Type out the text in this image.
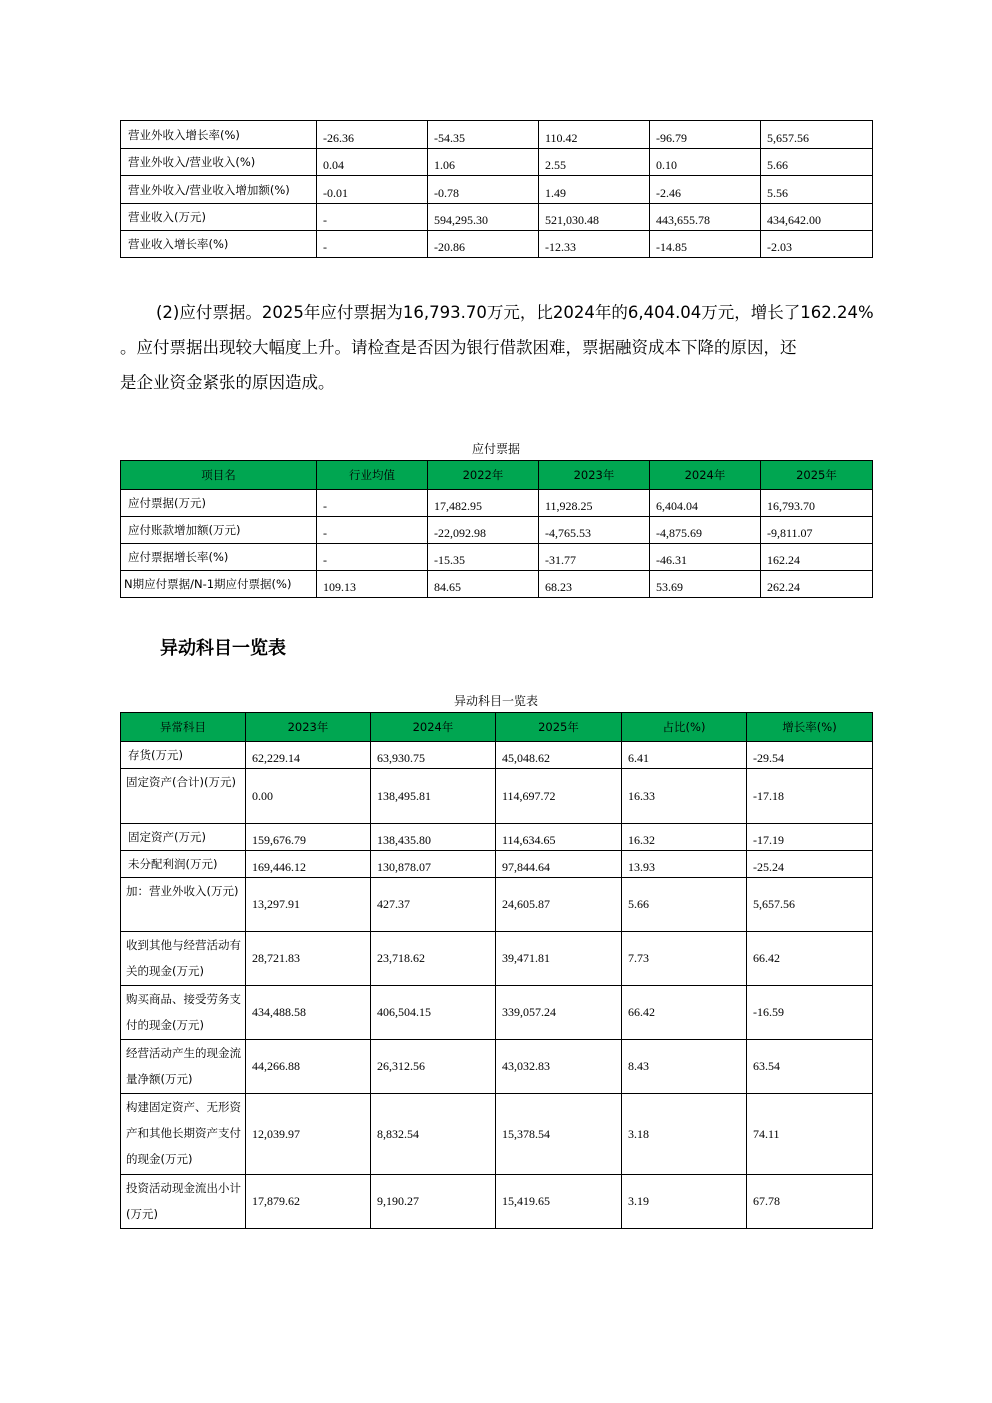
营业外收入增长率(%)	-26.36	-54.35	110.42	-96.79	5,657.56
营业外收入/营业收入(%)	0.04	1.06	2.55	0.10	5.66
营业外收入/营业收入增加额(%)	-0.01	-0.78	1.49	-2.46	5.56
营业收入(万元)	-	594,295.30	521,030.48	443,655.78	434,642.00
营业收入增长率(%)	-	-20.86	-12.33	-14.85	-2.03
(2)应付票据。2025年应付票据为16,793.70万元，比2024年的6,404.04万元，增长了162.24%
。应付票据出现较大幅度上升。请检查是否因为银行借款困难，票据融资成本下降的原因，还
是企业资金紧张的原因造成。
应付票据
项目名	行业均值	2022年	2023年	2024年	2025年
应付票据(万元)	-	17,482.95	11,928.25	6,404.04	16,793.70
应付账款增加额(万元)	-	-22,092.98	-4,765.53	-4,875.69	-9,811.07
应付票据增长率(%)	-	-15.35	-31.77	-46.31	162.24
N期应付票据/N-1期应付票据(%)	109.13	84.65	68.23	53.69	262.24
异动科目一览表
异动科目一览表
异常科目	2023年	2024年	2025年	占比(%)	增长率(%)
存货(万元)	62,229.14	63,930.75	45,048.62	6.41	-29.54
固定资产(合计)(万元)	0.00	138,495.81	114,697.72	16.33	-17.18
固定资产(万元)	159,676.79	138,435.80	114,634.65	16.32	-17.19
未分配利润(万元)	169,446.12	130,878.07	97,844.64	13.93	-25.24
加：营业外收入(万元)	13,297.91	427.37	24,605.87	5.66	5,657.56
收到其他与经营活动有关的现金(万元)	28,721.83	23,718.62	39,471.81	7.73	66.42
购买商品、接受劳务支付的现金(万元)	434,488.58	406,504.15	339,057.24	66.42	-16.59
经营活动产生的现金流量净额(万元)	44,266.88	26,312.56	43,032.83	8.43	63.54
构建固定资产、无形资产和其他长期资产支付的现金(万元)	12,039.97	8,832.54	15,378.54	3.18	74.11
投资活动现金流出小计(万元)	17,879.62	9,190.27	15,419.65	3.19	67.78
